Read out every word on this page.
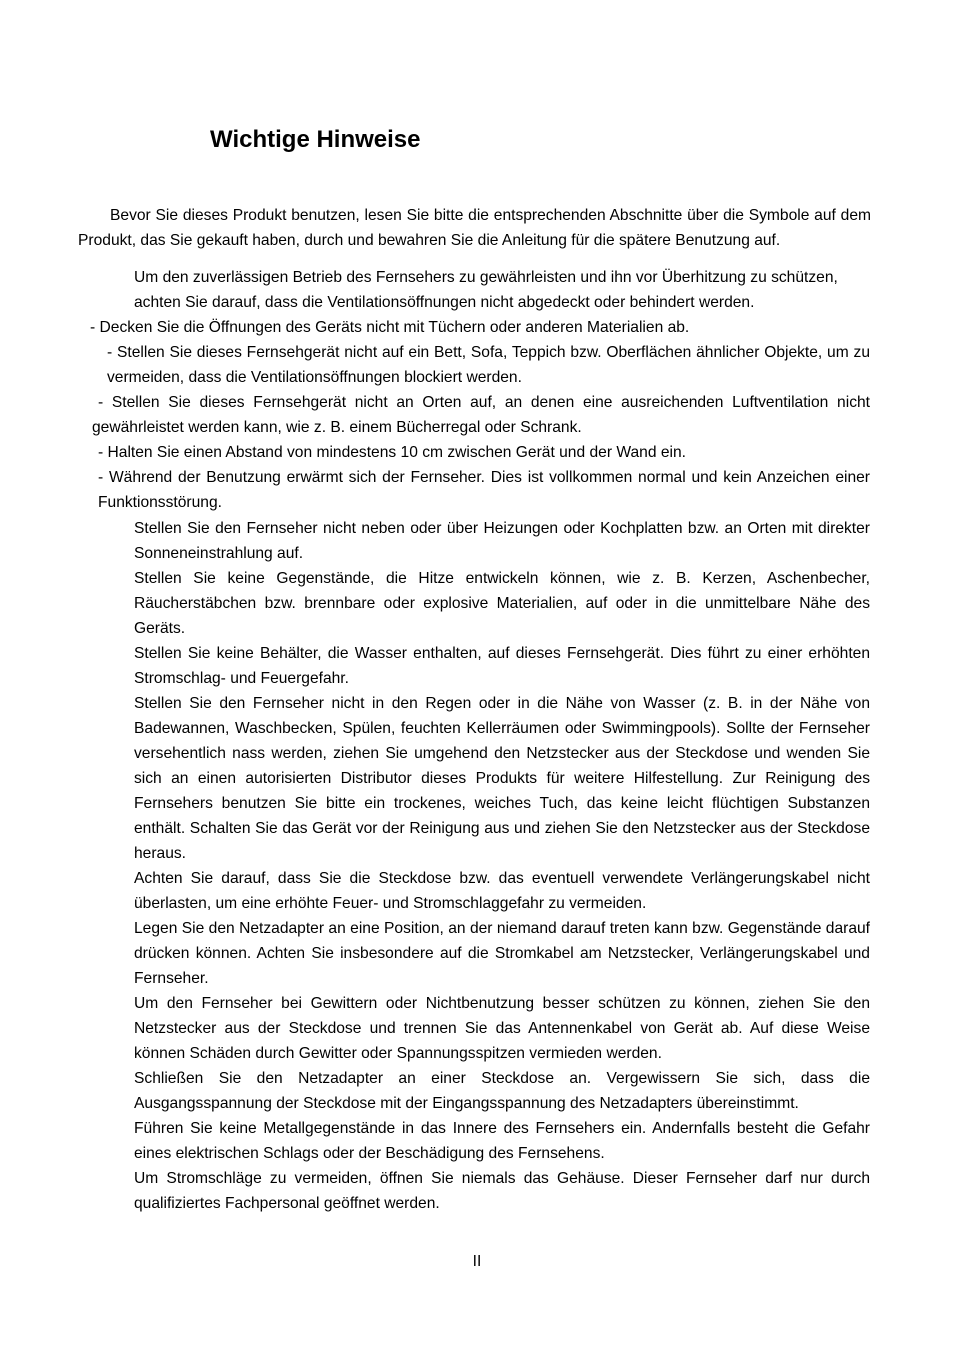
Wichtige Hinweise

Bevor Sie dieses Produkt benutzen, lesen Sie bitte die entsprechenden Abschnitte über die Symbole auf dem Produkt, das Sie gekauft haben, durch und bewahren Sie die Anleitung für die spätere Benutzung auf.

Um den zuverlässigen Betrieb des Fernsehers zu gewährleisten und ihn vor Überhitzung zu schützen, achten Sie darauf, dass die Ventilationsöffnungen nicht abgedeckt oder behindert werden.

- Decken Sie die Öffnungen des Geräts nicht mit Tüchern oder anderen Materialien ab.

- Stellen Sie dieses Fernsehgerät nicht auf ein Bett, Sofa, Teppich bzw. Oberflächen ähnlicher Objekte, um zu vermeiden, dass die Ventilationsöffnungen blockiert werden.

- Stellen Sie dieses Fernsehgerät nicht an Orten auf, an denen eine ausreichenden Luftventilation nicht gewährleistet werden kann, wie z. B. einem Bücherregal oder Schrank.

- Halten Sie einen Abstand von mindestens 10 cm zwischen Gerät und der Wand ein.

- Während der Benutzung erwärmt sich der Fernseher. Dies ist vollkommen normal und kein Anzeichen einer Funktionsstörung.

Stellen Sie den Fernseher nicht neben oder über Heizungen oder Kochplatten bzw. an Orten mit direkter Sonneneinstrahlung auf.

Stellen Sie keine Gegenstände, die Hitze entwickeln können, wie z. B. Kerzen, Aschenbecher, Räucherstäbchen bzw. brennbare oder explosive Materialien, auf oder in die unmittelbare Nähe des Geräts.

Stellen Sie keine Behälter, die Wasser enthalten, auf dieses Fernsehgerät. Dies führt zu einer erhöhten Stromschlag- und Feuergefahr.

Stellen Sie den Fernseher nicht in den Regen oder in die Nähe von Wasser (z. B. in der Nähe von Badewannen, Waschbecken, Spülen, feuchten Kellerräumen oder Swimmingpools). Sollte der Fernseher versehentlich nass werden, ziehen Sie umgehend den Netzstecker aus der Steckdose und wenden Sie sich an einen autorisierten Distributor dieses Produkts für weitere Hilfestellung. Zur Reinigung des Fernsehers benutzen Sie bitte ein trockenes, weiches Tuch, das keine leicht flüchtigen Substanzen enthält. Schalten Sie das Gerät vor der Reinigung aus und ziehen Sie den Netzstecker aus der Steckdose heraus.

Achten Sie darauf, dass Sie die Steckdose bzw. das eventuell verwendete Verlängerungskabel nicht überlasten, um eine erhöhte Feuer- und Stromschlaggefahr zu vermeiden.

Legen Sie den Netzadapter an eine Position, an der niemand darauf treten kann bzw. Gegenstände darauf drücken können. Achten Sie insbesondere auf die Stromkabel am Netzstecker, Verlängerungskabel und Fernseher.

Um den Fernseher bei Gewittern oder Nichtbenutzung besser schützen zu können, ziehen Sie den Netzstecker aus der Steckdose und trennen Sie das Antennenkabel von Gerät ab. Auf diese Weise können Schäden durch Gewitter oder Spannungsspitzen vermieden werden.

Schließen Sie den Netzadapter an einer Steckdose an. Vergewissern Sie sich, dass die Ausgangsspannung der Steckdose mit der Eingangsspannung des Netzadapters übereinstimmt.

Führen Sie keine Metallgegenstände in das Innere des Fernsehers ein. Andernfalls besteht die Gefahr eines elektrischen Schlags oder der Beschädigung des Fernsehens.

Um Stromschläge zu vermeiden, öffnen Sie niemals das Gehäuse. Dieser Fernseher darf nur durch qualifiziertes Fachpersonal geöffnet werden.

II
